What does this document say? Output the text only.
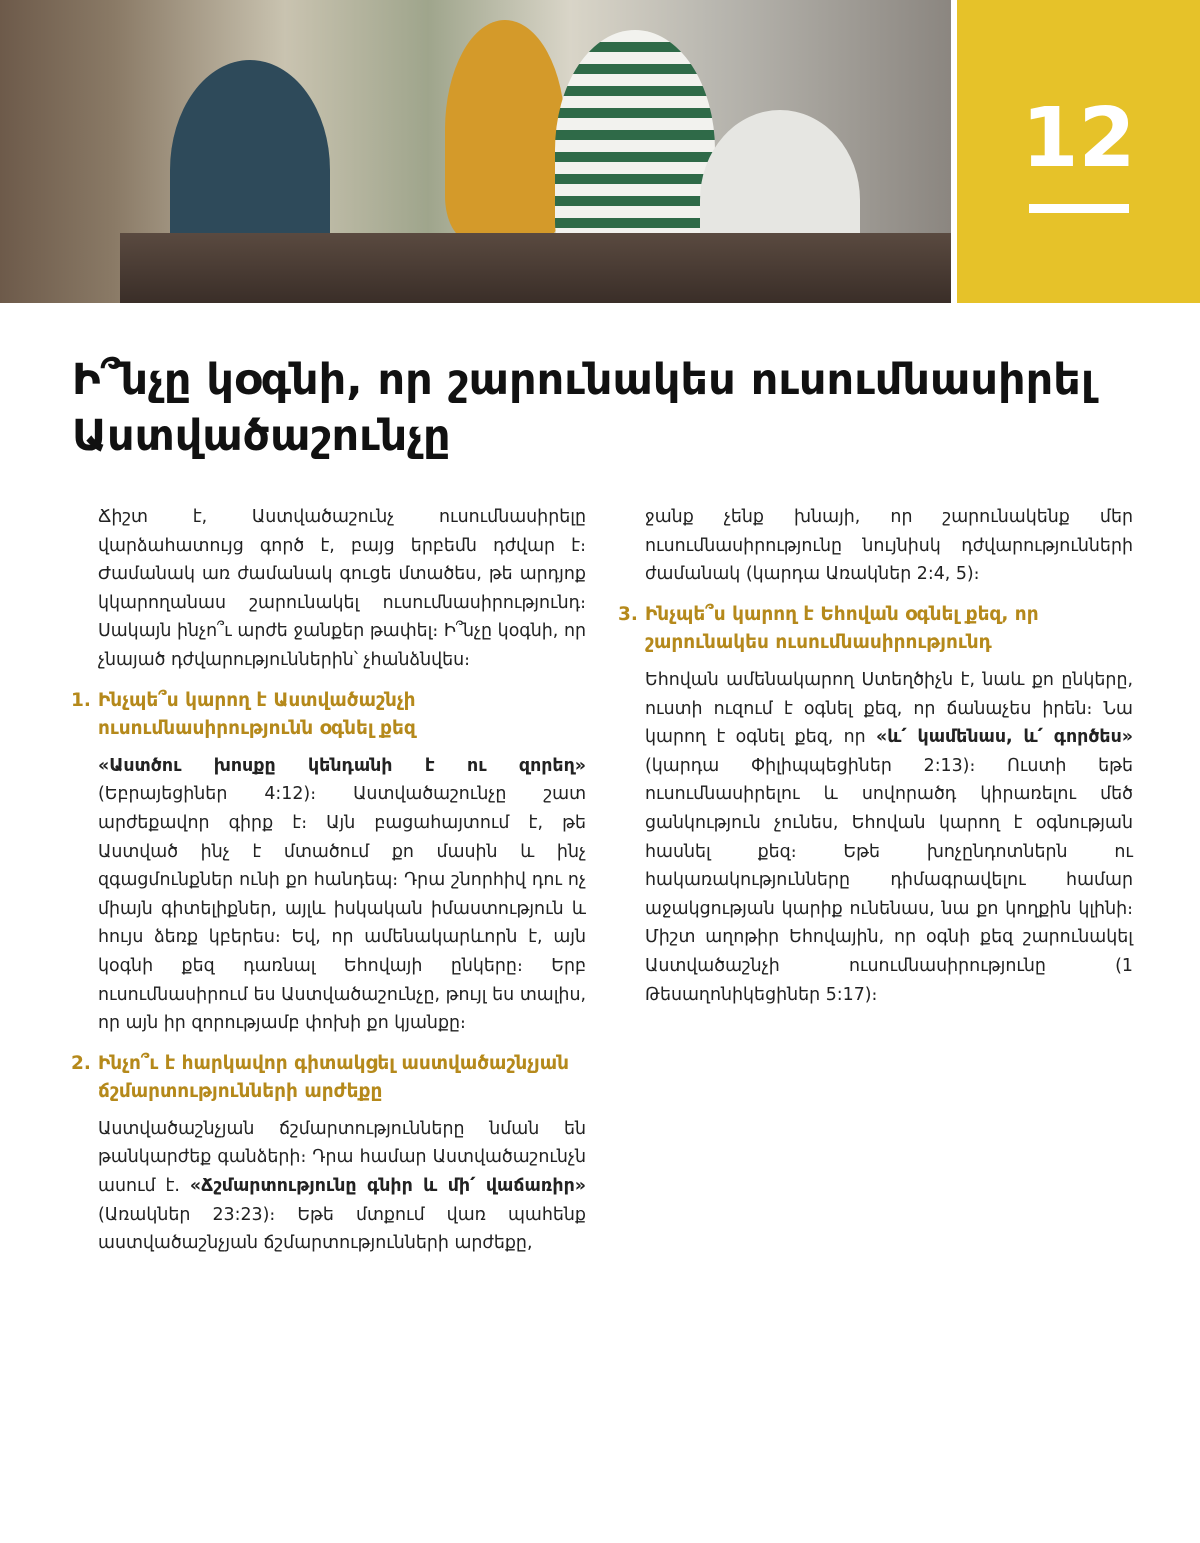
12
Ի՞նչը կօգնի, որ շարունակես ուսումնասիրել Աստվածաշունչը

Ճիշտ է, Աստվածաշունչ ուսումնասիրելը վարձահատույց գործ է, բայց երբեմն դժվար է։ Ժամանակ առ ժամանակ գուցե մտածես, թե արդյոք կկարողանաս շարունակել ուսումնասիրությունդ։ Սակայն ինչո՞ւ արժե ջանքեր թափել։ Ի՞նչը կօգնի, որ չնայած դժվարություններին՝ չհանձնվես։

1. Ինչպե՞ս կարող է Աստվածաշնչի ուսումնասիրությունն օգնել քեզ

«Աստծու խոսքը կենդանի է ու զորեղ» (Եբրայեցիներ 4:12)։ Աստվածաշունչը շատ արժեքավոր գիրք է։ Այն բացահայտում է, թե Աստված ինչ է մտածում քո մասին և ինչ զգացմունքներ ունի քո հանդեպ։ Դրա շնորհիվ դու ոչ միայն գիտելիքներ, այլև իսկական իմաստություն և հույս ձեռք կբերես։ Եվ, որ ամենակարևորն է, այն կօգնի քեզ դառնալ Եհովայի ընկերը։ Երբ ուսումնասիրում ես Աստվածաշունչը, թույլ ես տալիս, որ այն իր զորությամբ փոխի քո կյանքը։

2. Ինչո՞ւ է հարկավոր գիտակցել աստվածաշնչյան ճշմարտությունների արժեքը

Աստվածաշնչյան ճշմարտությունները նման են թանկարժեք գանձերի։ Դրա համար Աստվածաշունչն ասում է. «Ճշմարտությունը գնիր և մի՛ վաճառիր» (Առակներ 23:23)։ Եթե մտքում վառ պահենք աստվածաշնչյան ճշմարտությունների արժեքը,

ջանք չենք խնայի, որ շարունակենք մեր ուսումնասիրությունը նույնիսկ դժվարությունների ժամանակ (կարդա Առակներ 2:4, 5)։

3. Ինչպե՞ս կարող է Եհովան օգնել քեզ, որ շարունակես ուսումնասիրությունդ

Եհովան ամենակարող Ստեղծիչն է, նաև քո ընկերը, ուստի ուզում է օգնել քեզ, որ ճանաչես իրեն։ Նա կարող է օգնել քեզ, որ «և՛ կամենաս, և՛ գործես» (կարդա Փիլիպպեցիներ 2:13)։ Ուստի եթե ուսումնասիրելու և սովորածդ կիրառելու մեծ ցանկություն չունես, Եհովան կարող է օգնության հասնել քեզ։ Եթե խոչընդոտներն ու հակառակությունները դիմագրավելու համար աջակցության կարիք ունենաս, նա քո կողքին կլինի։ Միշտ աղոթիր Եհովային, որ օգնի քեզ շարունակել Աստվածաշնչի ուսումնասիրությունը (1 Թեսաղոնիկեցիներ 5:17)։
